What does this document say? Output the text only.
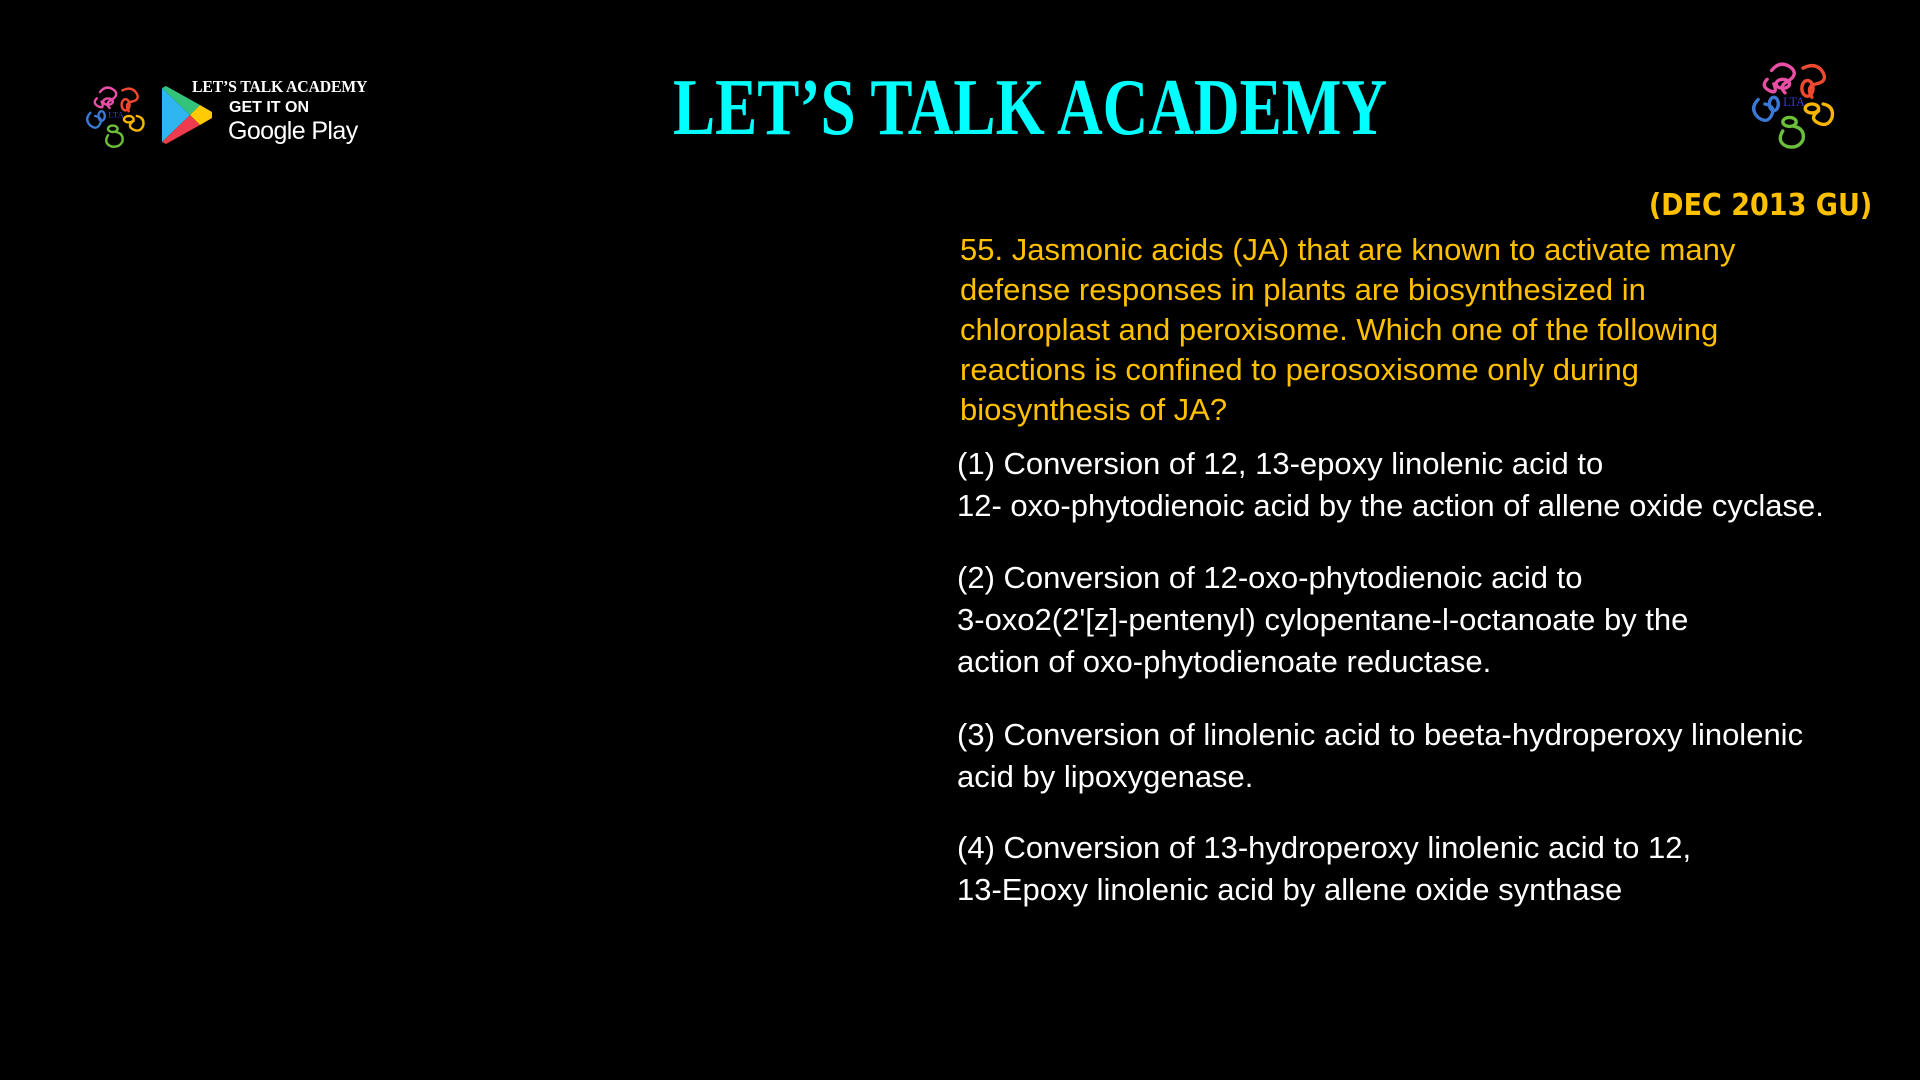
LTA
LET’S TALK ACADEMY
GET IT ON
Google Play	LET’S TALK ACADEMY	LTA
(DEC 2013 GU)
55. Jasmonic acids (JA) that are known to activate many
defense responses in plants are biosynthesized in
chloroplast and peroxisome. Which one of the following
reactions is confined to perosoxisome only during
biosynthesis of JA?
(1) Conversion of 12, 13-epoxy linolenic acid to
12- oxo-phytodienoic acid by the action of allene oxide cyclase.
(2) Conversion of 12-oxo-phytodienoic acid to
3-oxo2(2'[z]-pentenyl) cylopentane-l-octanoate by the
action of oxo-phytodienoate reductase.
(3) Conversion of linolenic acid to beeta-hydroperoxy linolenic
acid by lipoxygenase.
(4) Conversion of 13-hydroperoxy linolenic acid to 12,
13-Epoxy linolenic acid by allene oxide synthase
